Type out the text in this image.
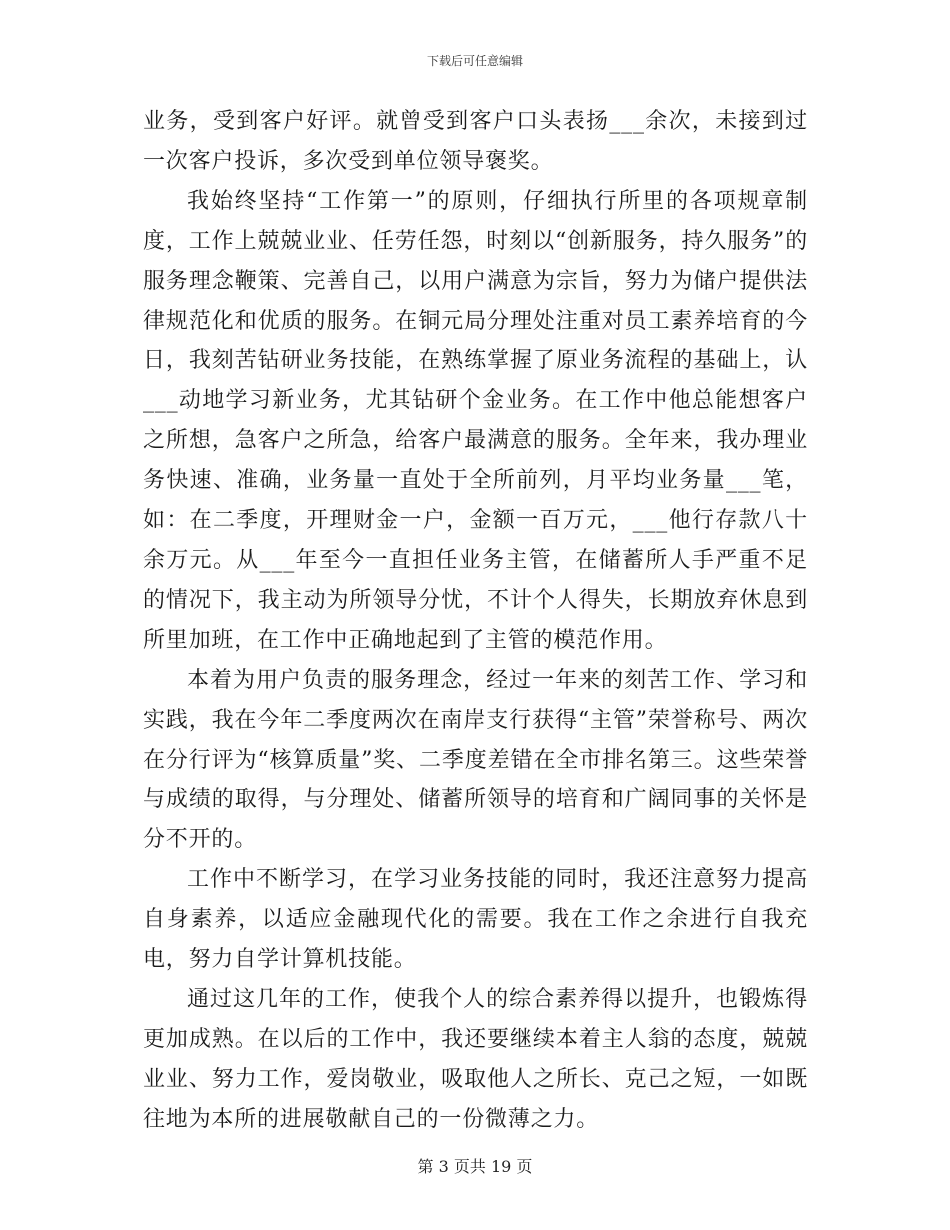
下载后可任意编辑

业务，受到客户好评。就曾受到客户口头表扬___余次，未接到过一次客户投诉，多次受到单位领导褒奖。

我始终坚持“工作第一”的原则，仔细执行所里的各项规章制度，工作上兢兢业业、任劳任怨，时刻以“创新服务，持久服务”的服务理念鞭策、完善自己，以用户满意为宗旨，努力为储户提供法律规范化和优质的服务。在铜元局分理处注重对员工素养培育的今日，我刻苦钻研业务技能，在熟练掌握了原业务流程的基础上，认___动地学习新业务，尤其钻研个金业务。在工作中他总能想客户之所想，急客户之所急，给客户最满意的服务。全年来，我办理业务快速、准确，业务量一直处于全所前列，月平均业务量___笔，如：在二季度，开理财金一户，金额一百万元，___他行存款八十余万元。从___年至今一直担任业务主管，在储蓄所人手严重不足的情况下，我主动为所领导分忧，不计个人得失，长期放弃休息到所里加班，在工作中正确地起到了主管的模范作用。

本着为用户负责的服务理念，经过一年来的刻苦工作、学习和实践，我在今年二季度两次在南岸支行获得“主管”荣誉称号、两次在分行评为“核算质量”奖、二季度差错在全市排名第三。这些荣誉与成绩的取得，与分理处、储蓄所领导的培育和广阔同事的关怀是分不开的。

工作中不断学习，在学习业务技能的同时，我还注意努力提高自身素养，以适应金融现代化的需要。我在工作之余进行自我充电，努力自学计算机技能。

通过这几年的工作，使我个人的综合素养得以提升，也锻炼得更加成熟。在以后的工作中，我还要继续本着主人翁的态度，兢兢业业、努力工作，爱岗敬业，吸取他人之所长、克己之短，一如既往地为本所的进展敬献自己的一份微薄之力。

第 3 页共 19 页
